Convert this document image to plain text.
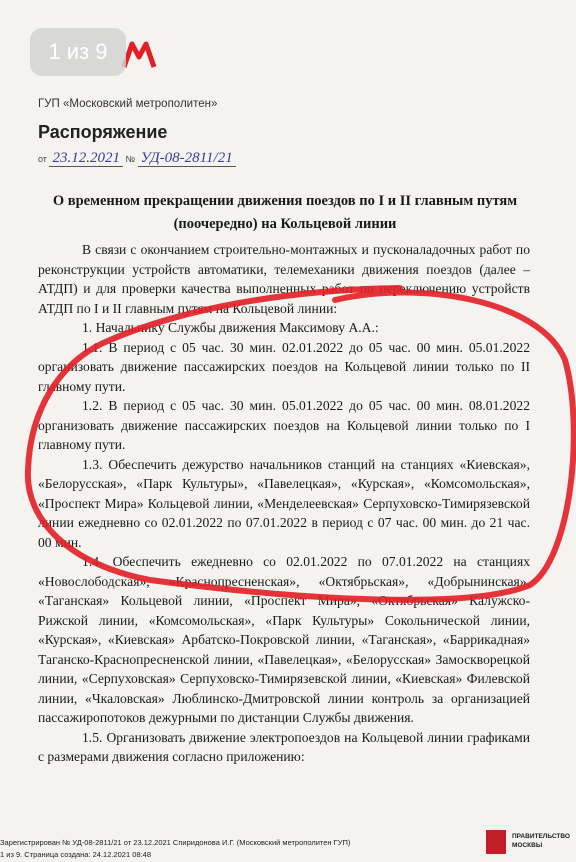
1 из 9
ГУП «Московский метрополитен»
Распоряжение
от 23.12.2021 № УД-08-2811/21
О временном прекращении движения поездов по I и II главным путям (поочередно) на Кольцевой линии

В связи с окончанием строительно-монтажных и пусконаладочных работ по реконструкции устройств автоматики, телемеханики движения поездов (далее – АТДП) и для проверки качества выполненных работ по переключению устройств АТДП по I и II главным путям на Кольцевой линии:

1. Начальнику Службы движения Максимову А.А.:

1.1. В период с 05 час. 30 мин. 02.01.2022 до 05 час. 00 мин. 05.01.2022 организовать движение пассажирских поездов на Кольцевой линии только по II главному пути.

1.2. В период с 05 час. 30 мин. 05.01.2022 до 05 час. 00 мин. 08.01.2022 организовать движение пассажирских поездов на Кольцевой линии только по I главному пути.

1.3. Обеспечить дежурство начальников станций на станциях «Киевская», «Белорусская», «Парк Культуры», «Павелецкая», «Курская», «Комсомольская», «Проспект Мира» Кольцевой линии, «Менделеевская» Серпуховско-Тимирязевской линии ежедневно со 02.01.2022 по 07.01.2022 в период с 07 час. 00 мин. до 21 час. 00 мин.

1.4. Обеспечить ежедневно со 02.01.2022 по 07.01.2022 на станциях «Новослободская», «Краснопресненская», «Октябрьская», «Добрынинская», «Таганская» Кольцевой линии, «Проспект Мира», «Октябрьская» Калужско-Рижской линии, «Комсомольская», «Парк Культуры» Сокольнической линии, «Курская», «Киевская» Арбатско-Покровской линии, «Таганская», «Баррикадная» Таганско-Краснопресненской линии, «Павелецкая», «Белорусская» Замоскворецкой линии, «Серпуховская» Серпуховско-Тимирязевской линии, «Киевская» Филевской линии, «Чкаловская» Люблинско-Дмитровской линии контроль за организацией пассажиропотоков дежурными по дистанции Службы движения.

1.5. Организовать движение электропоездов на Кольцевой линии графиками с размерами движения согласно приложению:

Зарегистрирован № УД-08-2811/21 от 23.12.2021 Спиридонова И.Г. (Московский метрополитен ГУП)
1 из 9. Страница создана: 24.12.2021 08:48
ПРАВИТЕЛЬСТВО
МОСКВЫ
